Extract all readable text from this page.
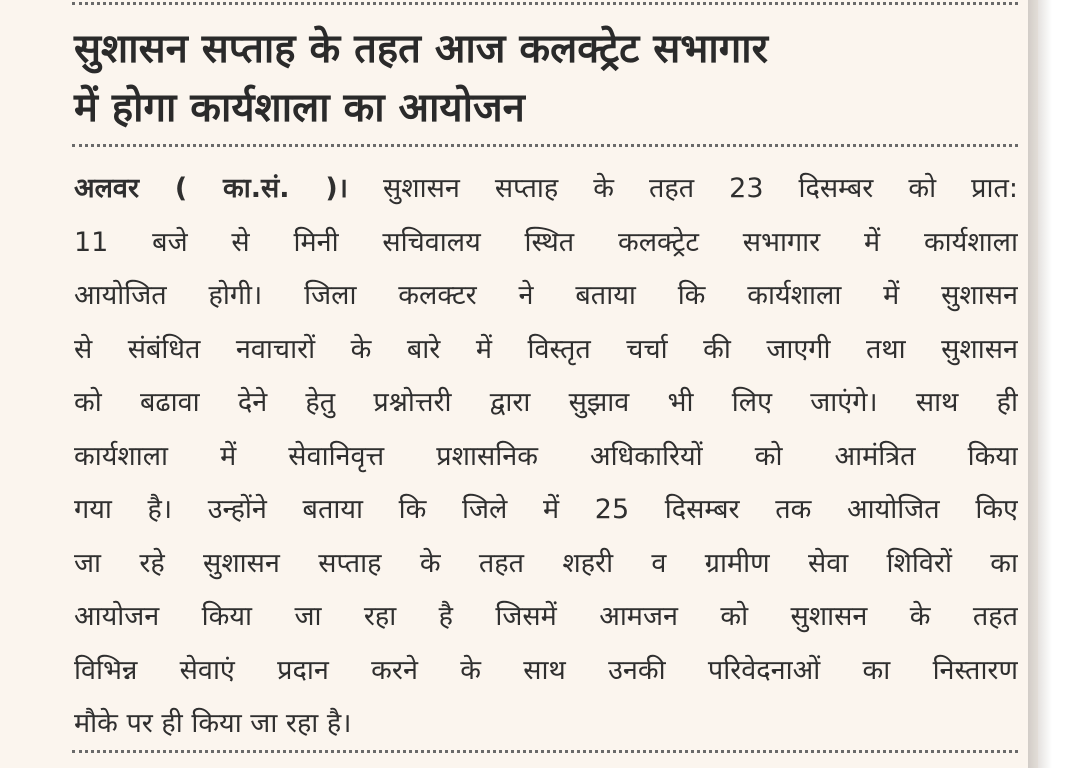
सुशासन सप्ताह के तहत आज कलक्ट्रेट सभागार
में होगा कार्यशाला का आयोजन
अलवर ( का.सं. )। सुशासन सप्ताह के तहत 23 दिसम्बर को प्रात:
11 बजे से मिनी सचिवालय स्थित कलक्ट्रेट सभागार में कार्यशाला
आयोजित होगी। जिला कलक्टर ने बताया कि कार्यशाला में सुशासन
से संबंधित नवाचारों के बारे में विस्तृत चर्चा की जाएगी तथा सुशासन
को बढावा देने हेतु प्रश्नोत्तरी द्वारा सुझाव भी लिए जाएंगे। साथ ही
कार्यशाला में सेवानिवृत्त प्रशासनिक अधिकारियों को आमंत्रित किया
गया है। उन्होंने बताया कि जिले में 25 दिसम्बर तक आयोजित किए
जा रहे सुशासन सप्ताह के तहत शहरी व ग्रामीण सेवा शिविरों का
आयोजन किया जा रहा है जिसमें आमजन को सुशासन के तहत
विभिन्न सेवाएं प्रदान करने के साथ उनकी परिवेदनाओं का निस्तारण
मौके पर ही किया जा रहा है।
